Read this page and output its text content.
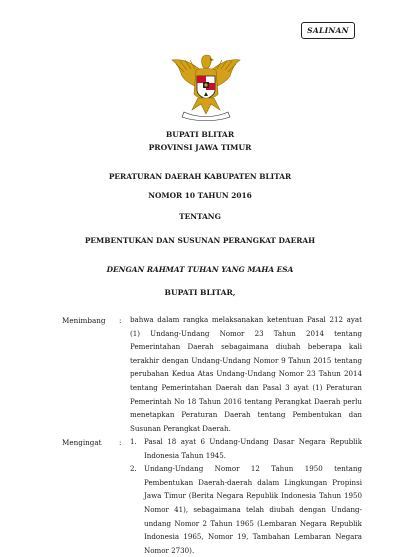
SALINAN
BUPATI BLITAR
PROVINSI JAWA TIMUR
PERATURAN DAERAH KABUPATEN BLITAR
NOMOR 10 TAHUN 2016
TENTANG
PEMBENTUKAN DAN SUSUNAN PERANGKAT DAERAH
DENGAN RAHMAT TUHAN YANG MAHA ESA
BUPATI BLITAR,
Menimbang : bahwa dalam rangka melaksanakan ketentuan Pasal 212 ayat (1) Undang-Undang Nomor 23 Tahun 2014 tentang Pemerintahan Daerah sebagaimana diubah beberapa kali terakhir dengan Undang-Undang Nomor 9 Tahun 2015 tentang perubahan Kedua Atas Undang-Undang Nomor 23 Tahun 2014 tentang Pemerintahan Daerah dan Pasal 3 ayat (1) Peraturan Pemerintah No 18 Tahun 2016 tentang Perangkat Daerah perlu menetapkan Peraturan Daerah tentang Pembentukan dan Susunan Perangkat Daerah.
Mengingat : 1. Pasal 18 ayat 6 Undang-Undang Dasar Negara Republik Indonesia Tahun 1945.
2. Undang-Undang Nomor 12 Tahun 1950 tentang Pembentukan Daerah-daerah dalam Lingkungan Propinsi Jawa Timur (Berita Negara Republik Indonesia Tahun 1950 Nomor 41), sebagaimana telah diubah dengan Undang-undang Nomor 2 Tahun 1965 (Lembaran Negara Republik Indonesia 1965, Nomor 19, Tambahan Lembaran Negara Nomor 2730).
